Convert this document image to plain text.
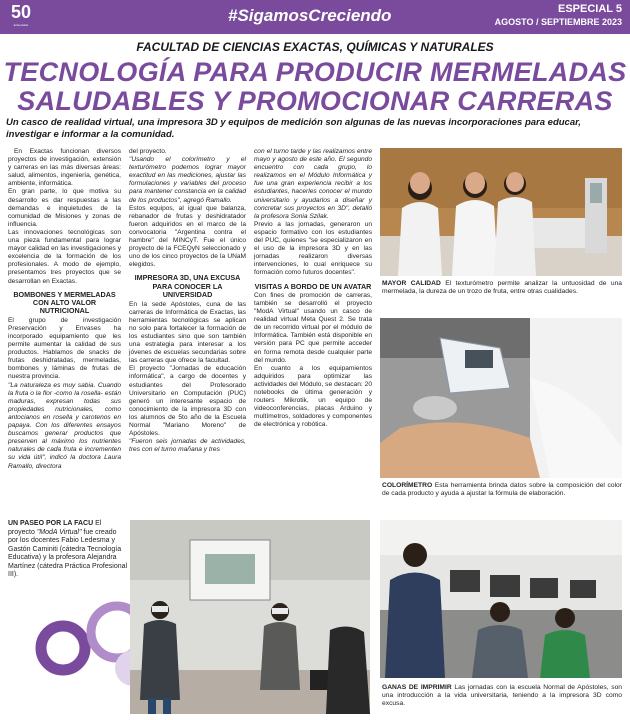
50
aniversario	#SigamosCreciendo	ESPECIAL 5
AGOSTO / SEPTIEMBRE 2023
FACULTAD DE CIENCIAS EXACTAS, QUÍMICAS Y NATURALES
TECNOLOGÍA PARA PRODUCIR MERMELADAS
SALUDABLES Y PROMOCIONAR CARRERAS
Un casco de realidad virtual, una impresora 3D y equipos de medición son algunas de las nuevas incorporaciones para educar, investigar e informar a la comunidad.

En Exactas funcionan diversos proyectos de investigación, extensión y carreras en las más diversas áreas: salud, alimentos, ingeniería, genética, ambiente, informática.

En gran parte, lo que motiva su desarrollo es dar respuestas a las demandas e inquietudes de la comunidad de Misiones y zonas de influencia.

Las innovaciones tecnológicas son una pieza fundamental para lograr mayor calidad en las investigaciones y excelencia de la formación de los profesionales. A modo de ejemplo, presentamos tres proyectos que se desarrollan en Exactas.

BOMBONES Y MERMELADAS CON ALTO VALOR NUTRICIONAL

El grupo de investigación Preservación y Envases ha incorporado equipamiento que les permite aumentar la calidad de sus productos. Hablamos de snacks de frutas deshidratadas, mermeladas, bombones y láminas de frutas de nuestra provincia.

"La naturaleza es muy sabia. Cuando la fruta o la flor -como la rosella- están maduras, expresan todas sus propiedades nutricionales, como antocianos en rosella y carotenos en papaya. Con los diferentes ensayos buscamos generar productos que preserven al máximo los nutrientes naturales de cada fruta e incrementen su vida útil", indicó la doctora Laura Ramallo, directora

del proyecto.

"Usando el colorímetro y el texturómetro podemos lograr mayor exactitud en las mediciones, ajustar las formulaciones y variables del proceso para mantener constancia en la calidad de los productos", agregó Ramallo.

Estos equipos, al igual que balanza, rebanador de frutas y deshidratador fueron adquiridos en el marco de la convocatoria "Argentina contra el hambre" del MINCyT. Fue el único proyecto de la FCEQyN seleccionado y uno de los cinco proyectos de la UNaM elegidos.

IMPRESORA 3D, UNA EXCUSA PARA CONOCER LA UNIVERSIDAD

En la sede Apóstoles, cuna de las carreras de Informática de Exactas, las herramientas tecnológicas se aplican no solo para fortalecer la formación de los estudiantes sino que son también una estrategia para interesar a los jóvenes de escuelas secundarias sobre las carreras que ofrece la facultad.

El proyecto "Jornadas de educación informática", a cargo de docentes y estudiantes del Profesorado Universitario en Computación (PUC) generó un interesante espacio de conocimiento de la impresora 3D con los alumnos de 5to año de la Escuela Normal "Mariano Moreno" de Apóstoles.

"Fueron seis jornadas de actividades, tres con el turno mañana y tres

con el turno tarde y las realizamos entre mayo y agosto de este año. El segundo encuentro con cada grupo, lo realizamos en el Módulo Informática y fue una gran experiencia recibir a los estudiantes, hacerles conocer el mundo universitario y ayudarlos a diseñar y concretar sus proyectos en 3D", detalló la profesora Sonia Szilak.

Previo a las jornadas, generaron un espacio formativo con los estudiantes del PUC, quienes "se especializaron en el uso de la impresora 3D y en las jornadas realizaron diversas intervenciones, lo cual enriquece su formación como futuros docentes".

VISITAS A BORDO DE UN AVATAR

Con fines de promoción de carreras, también se desarrolló el proyecto "ModA Virtual" usando un casco de realidad virtual Meta Quest 2. Se trata de un recorrido virtual por el módulo de Informática. También está disponible en versión para PC que permite acceder en forma remota desde cualquier parte del mundo.

En cuanto a los equipamientos adquiridos para optimizar las actividades del Módulo, se destacan: 20 notebooks de última generación y routers Mikrotik, un equipo de videoconferencias, placas Arduino y multímetros, soldadores y componentes de electrónica y robótica.

MAYOR CALIDAD El texturómetro permite analizar la untuosidad de una mermelada, la dureza de un trozo de fruta, entre otras cualidades.
COLORÍMETRO Esta herramienta brinda datos sobre la composición del color de cada producto y ayuda a ajustar la fórmula de elaboración.
UN PASEO POR LA FACU El proyecto "ModA Virtual" fue creado por los docentes Fabio Ledesma y Gastón Caminiti (cátedra Tecnología Educativa) y la profesora Alejandra Martínez (cátedra Práctica Profesional III).
GANAS DE IMPRIMIR Las jornadas con la escuela Normal de Apóstoles, son una introducción a la vida universitaria, teniendo a la impresora 3D como excusa.
